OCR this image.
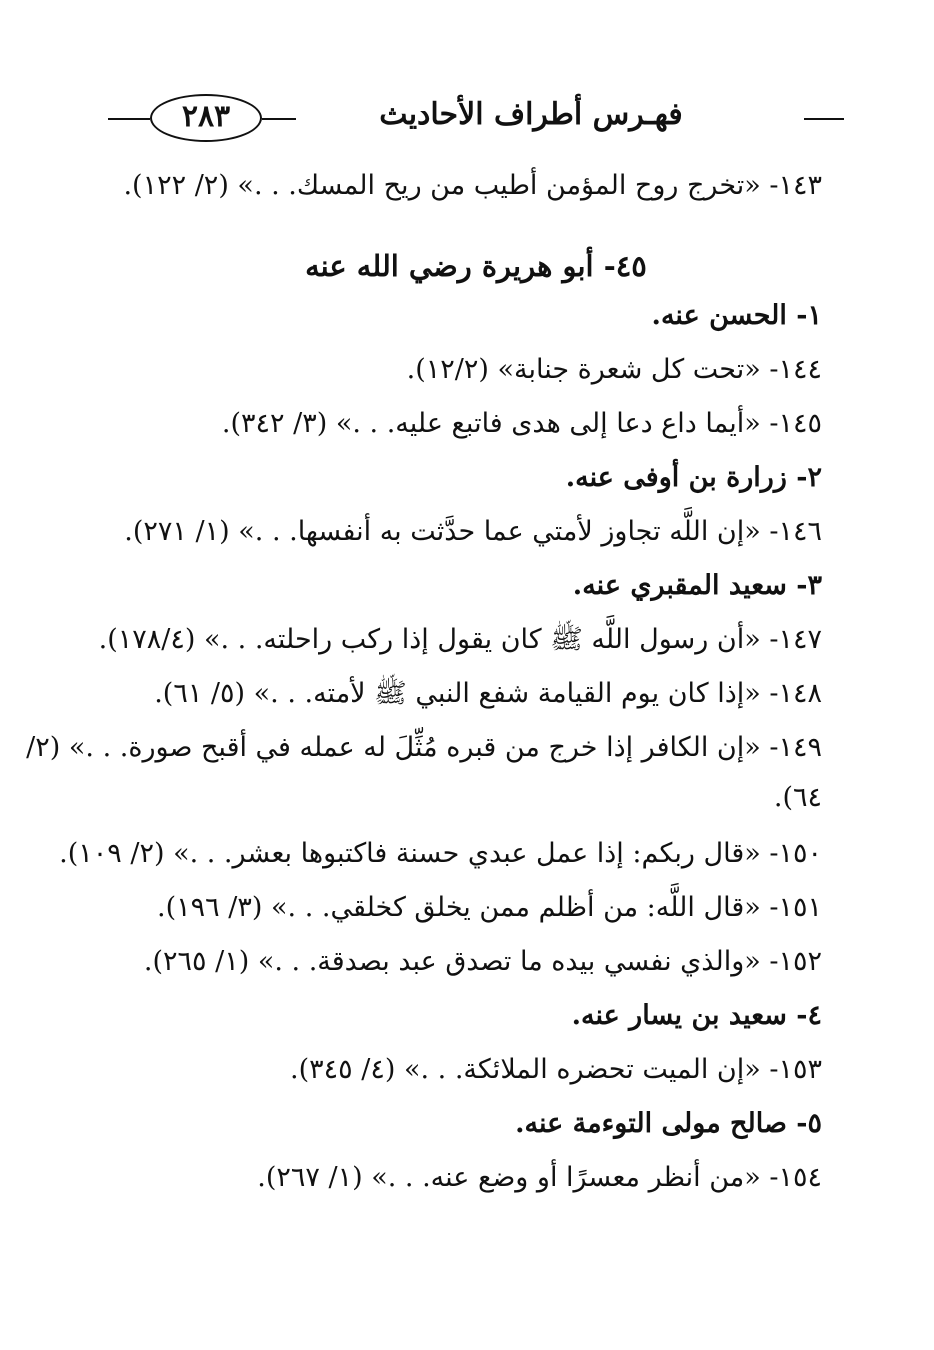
٢٨٣	فهـرس أطراف الأحاديث
١٤٣- «تخرج روح المؤمن أطيب من ريح المسك. . .» (٢/ ١٢٢).
٤٥- أبو هريرة رضي الله عنه
١- الحسن عنه.
١٤٤- «تحت كل شعرة جنابة» (١٢/٢).
١٤٥- «أيما داع دعا إلى هدى فاتبع عليه. . .» (٣/ ٣٤٢).
٢- زرارة بن أوفى عنه.
١٤٦- «إن اللَّه تجاوز لأمتي عما حدَّثت به أنفسها. . .» (١/ ٢٧١).
٣- سعيد المقبري عنه.
١٤٧- «أن رسول اللَّه ﷺ كان يقول إذا ركب راحلته. . .» (١٧٨/٤).
١٤٨- «إذا كان يوم القيامة شفع النبي ﷺ لأمته. . .» (٥/ ٦١).
١٤٩- «إن الكافر إذا خرج من قبره مُثِّلَ له عمله في أقبح صورة. . .» (٢/
٦٤).
١٥٠- «قال ربكم: إذا عمل عبدي حسنة فاكتبوها بعشر. . .» (٢/ ١٠٩).
١٥١- «قال اللَّه: من أظلم ممن يخلق كخلقي. . .» (٣/ ١٩٦).
١٥٢- «والذي نفسي بيده ما تصدق عبد بصدقة. . .» (١/ ٢٦٥).
٤- سعيد بن يسار عنه.
١٥٣- «إن الميت تحضره الملائكة. . .» (٤/ ٣٤٥).
٥- صالح مولى التوءمة عنه.
١٥٤- «من أنظر معسرًا أو وضع عنه. . .» (١/ ٢٦٧).
